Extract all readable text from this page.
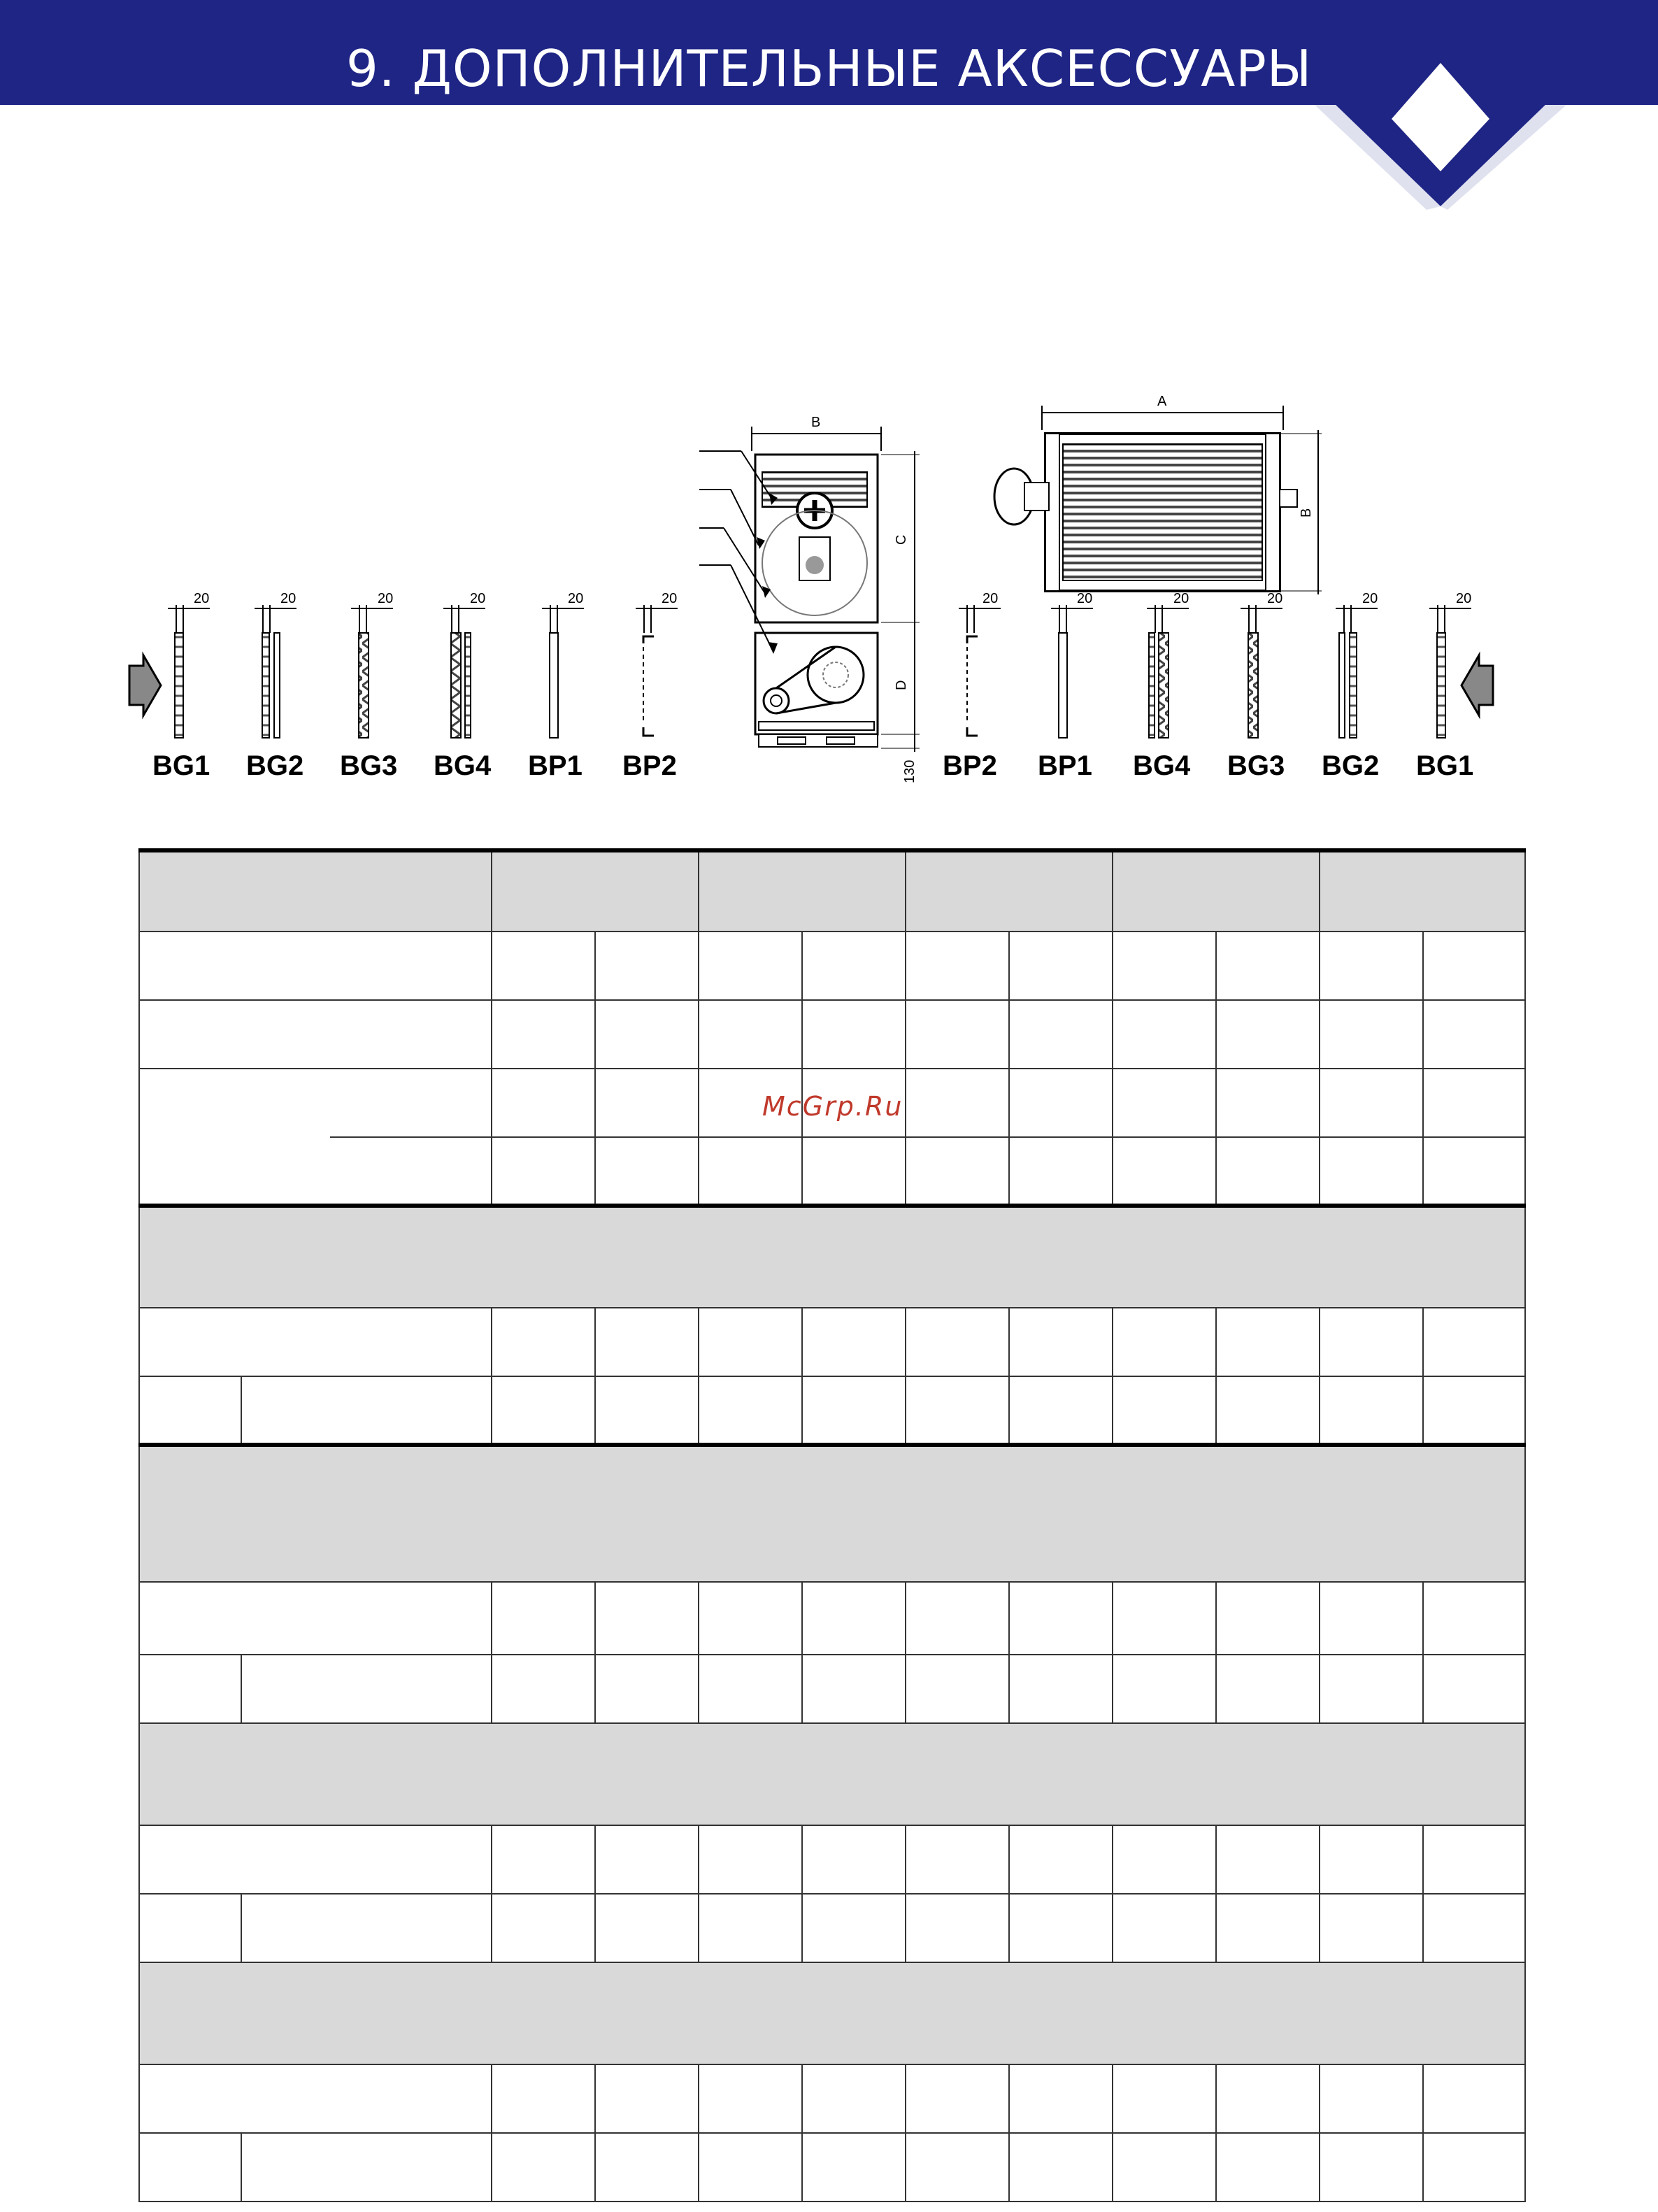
9. ДОПОЛНИТЕЛЬНЫЕ АКСЕССУАРЫ
20
BG1
20
BG2
20
BG3
20
BG4
20
BP1
20
BP2
B
C
D
130
A
B
20
BP2
20
BP1
20
BG4
20
BG3
20
BG2
20
BG1

McGrp.Ru
